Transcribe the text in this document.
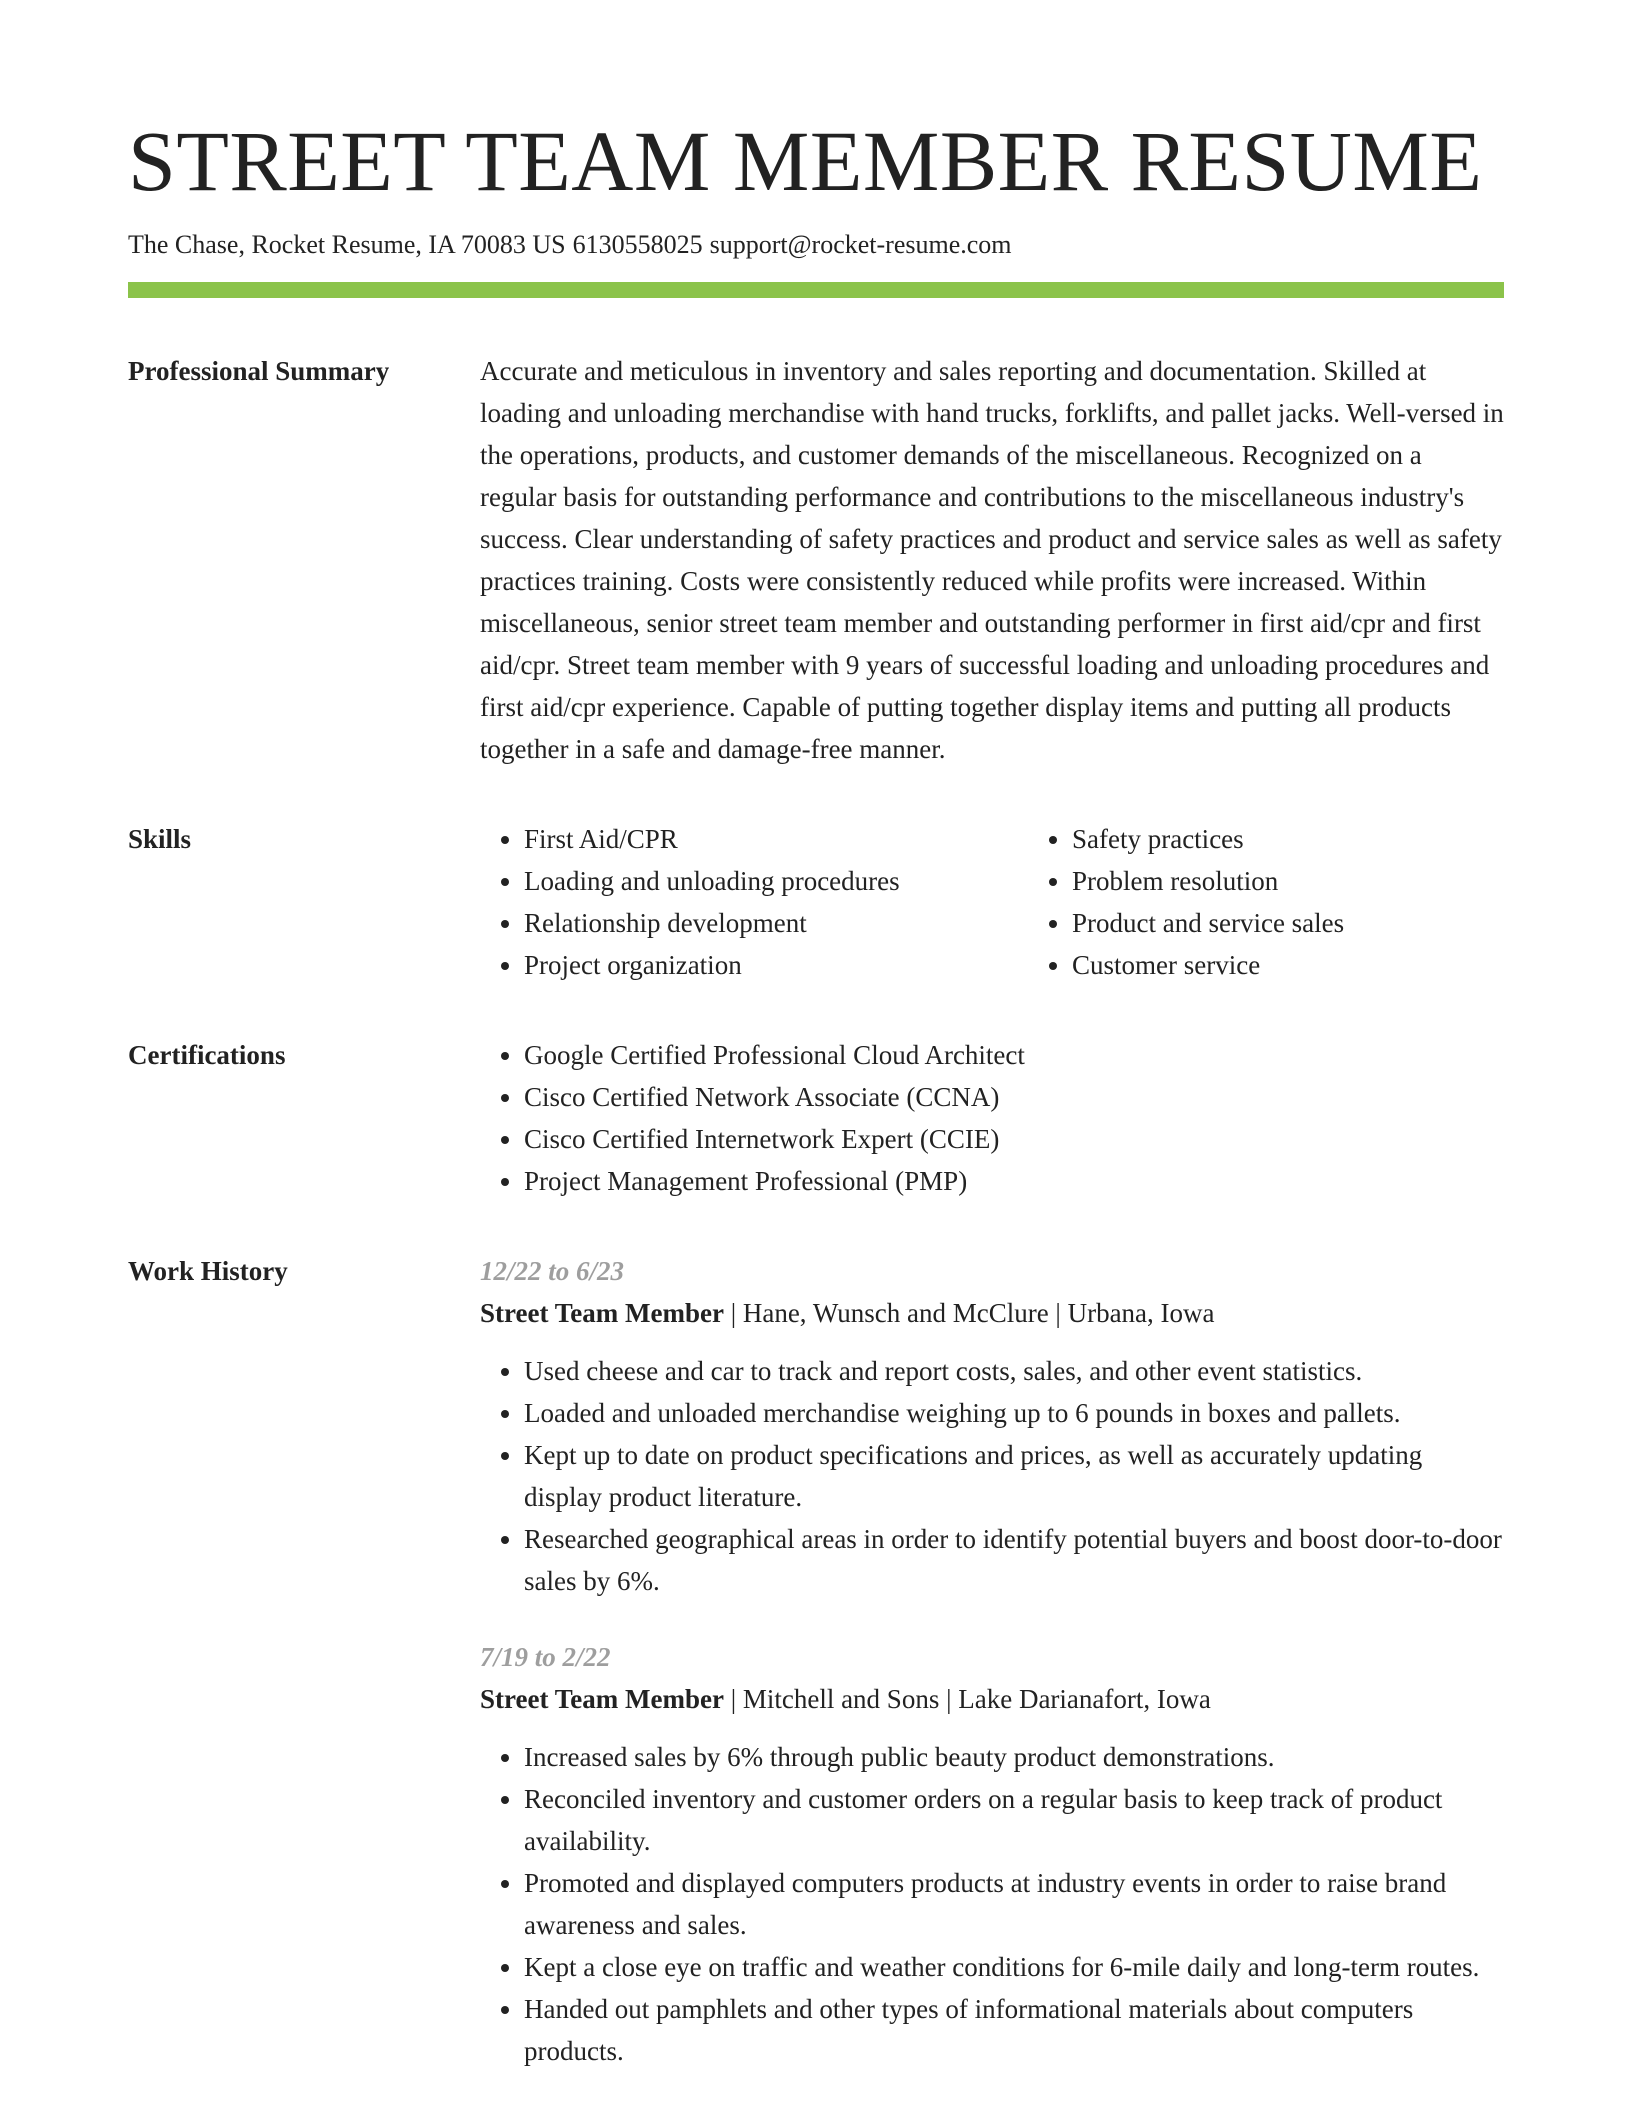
STREET TEAM MEMBER RESUME
The Chase, Rocket Resume, IA 70083 US 6130558025 support@rocket-resume.com
Professional Summary	Accurate and meticulous in inventory and sales reporting and documentation. Skilled at loading and unloading merchandise with hand trucks, forklifts, and pallet jacks. Well-versed in the operations, products, and customer demands of the miscellaneous. Recognized on a regular basis for outstanding performance and contributions to the miscellaneous industry's success. Clear understanding of safety practices and product and service sales as well as safety practices training. Costs were consistently reduced while profits were increased. Within miscellaneous, senior street team member and outstanding performer in first aid/cpr and first aid/cpr. Street team member with 9 years of successful loading and unloading procedures and first aid/cpr experience. Capable of putting together display items and putting all products together in a safe and damage-free manner.

Skills	• First Aid/CPR
• Loading and unloading procedures
• Relationship development
• Project organization
• Safety practices
• Problem resolution
• Product and service sales
• Customer service
Certifications	• Google Certified Professional Cloud Architect
• Cisco Certified Network Associate (CCNA)
• Cisco Certified Internetwork Expert (CCIE)
• Project Management Professional (PMP)
Work History	12/22 to 6/23
Street Team Member | Hane, Wunsch and McClure | Urbana, Iowa
• Used cheese and car to track and report costs, sales, and other event statistics.
• Loaded and unloaded merchandise weighing up to 6 pounds in boxes and pallets.
• Kept up to date on product specifications and prices, as well as accurately updating display product literature.
• Researched geographical areas in order to identify potential buyers and boost door-to-door sales by 6%.
7/19 to 2/22
Street Team Member | Mitchell and Sons | Lake Darianafort, Iowa
• Increased sales by 6% through public beauty product demonstrations.
• Reconciled inventory and customer orders on a regular basis to keep track of product availability.
• Promoted and displayed computers products at industry events in order to raise brand awareness and sales.
• Kept a close eye on traffic and weather conditions for 6-mile daily and long-term routes.
• Handed out pamphlets and other types of informational materials about computers products.
